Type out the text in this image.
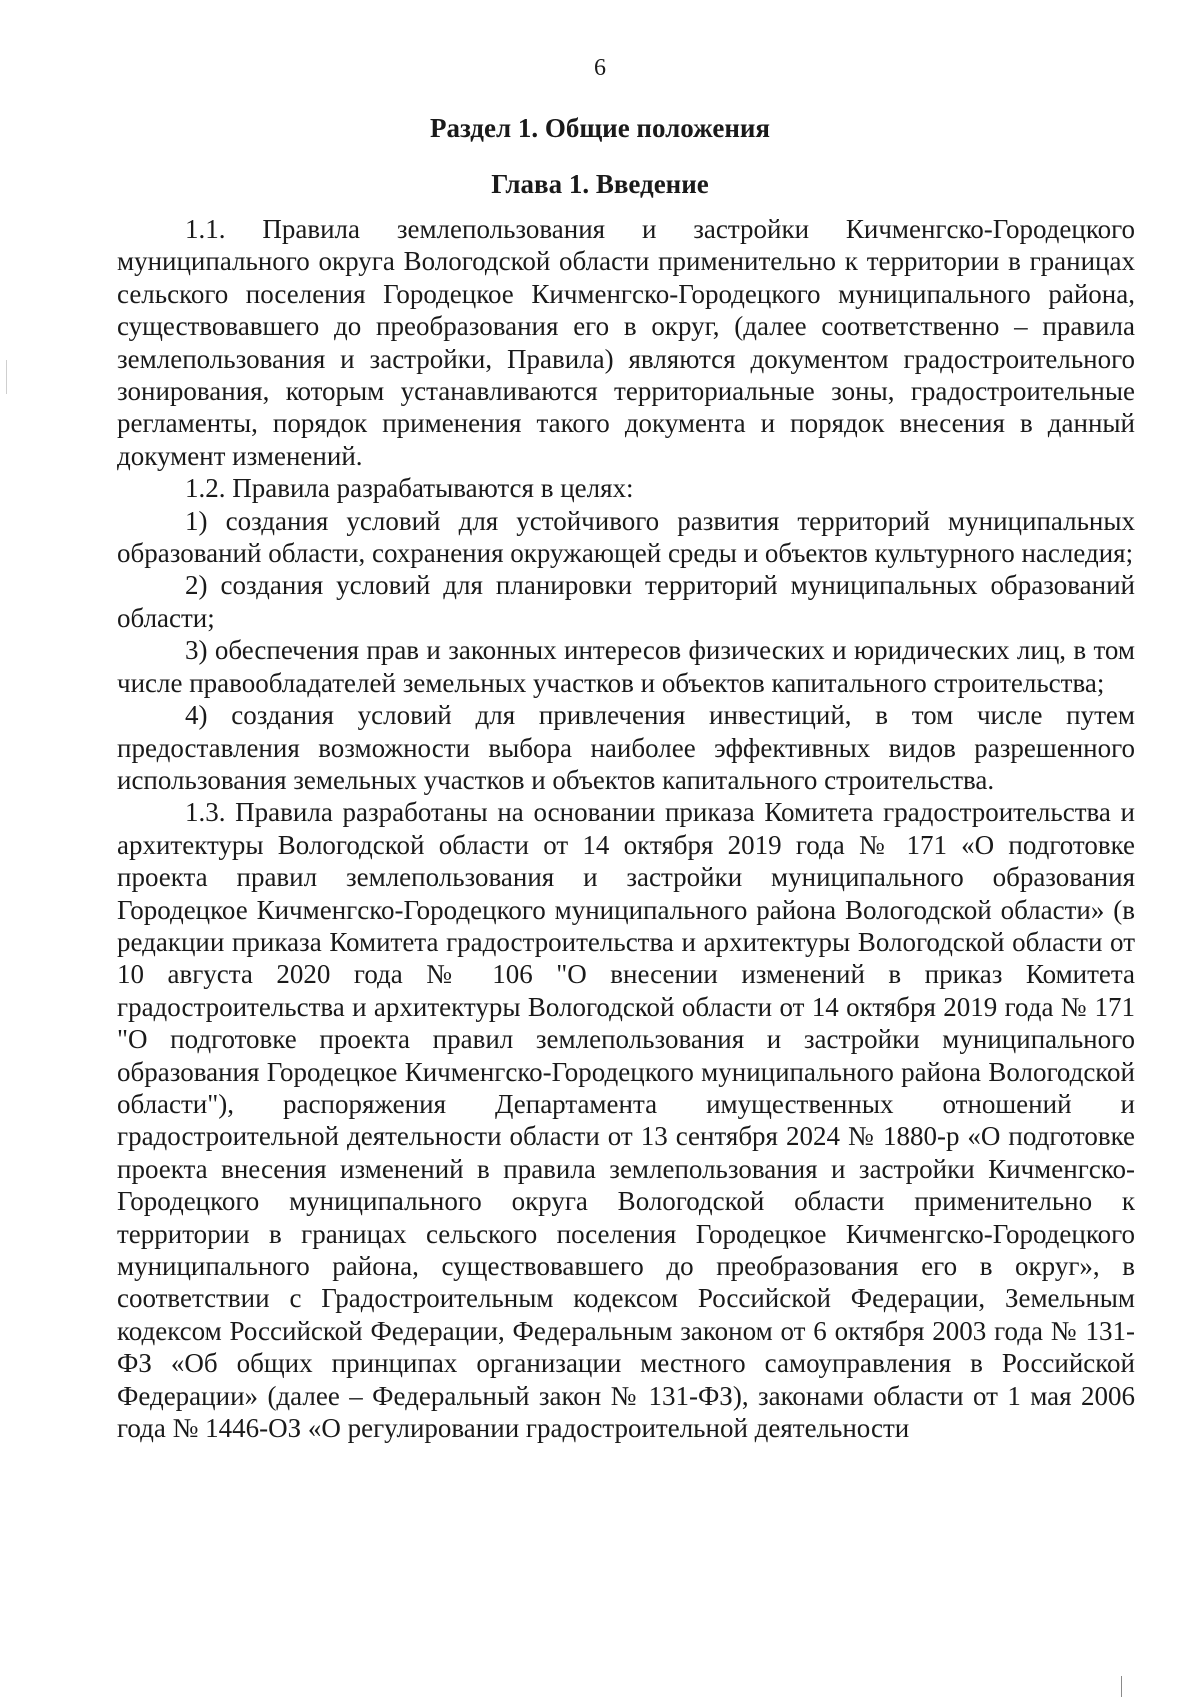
6
Раздел 1. Общие положения
Глава 1. Введение

1.1. Правила землепользования и застройки Кичменгско-Городецкого муниципального округа Вологодской области применительно к территории в границах сельского поселения Городецкое Кичменгско-Городецкого муниципального района, существовавшего до преобразования его в округ, (далее соответственно – правила землепользования и застройки, Правила) являются документом градостроительного зонирования, которым устанавливаются территориальные зоны, градостроительные регламенты, порядок применения такого документа и порядок внесения в данный документ изменений.

1.2. Правила разрабатываются в целях:

1) создания условий для устойчивого развития территорий муниципальных образований области, сохранения окружающей среды и объектов культурного наследия;

2) создания условий для планировки территорий муниципальных образований области;

3) обеспечения прав и законных интересов физических и юридических лиц, в том числе правообладателей земельных участков и объектов капитального строительства;

4) создания условий для привлечения инвестиций, в том числе путем предоставления возможности выбора наиболее эффективных видов разрешенного использования земельных участков и объектов капитального строительства.

1.3. Правила разработаны на основании приказа Комитета градостроительства и архитектуры Вологодской области от 14 октября 2019 года № 171 «О подготовке проекта правил землепользования и застройки муниципального образования Городецкое Кичменгско-Городецкого муниципального района Вологодской области» (в редакции приказа Комитета градостроительства и архитектуры Вологодской области от 10 августа 2020 года № 106 "О внесении изменений в приказ Комитета градостроительства и архитектуры Вологодской области от 14 октября 2019 года № 171 "О подготовке проекта правил землепользования и застройки муниципального образования Городецкое Кичменгско-Городецкого муниципального района Вологодской области"), распоряжения Департамента имущественных отношений и градостроительной деятельности области от 13 сентября 2024 № 1880-р «О подготовке проекта внесения изменений в правила землепользования и застройки Кичменгско-Городецкого муниципального округа Вологодской области применительно к территории в границах сельского поселения Городецкое Кичменгско-Городецкого муниципального района, существовавшего до преобразования его в округ», в соответствии с Градостроительным кодексом Российской Федерации, Земельным кодексом Российской Федерации, Федеральным законом от 6 октября 2003 года № 131-ФЗ «Об общих принципах организации местного самоуправления в Российской Федерации» (далее – Федеральный закон № 131-ФЗ), законами области от 1 мая 2006 года № 1446-ОЗ «О регулировании градостроительной деятельности
